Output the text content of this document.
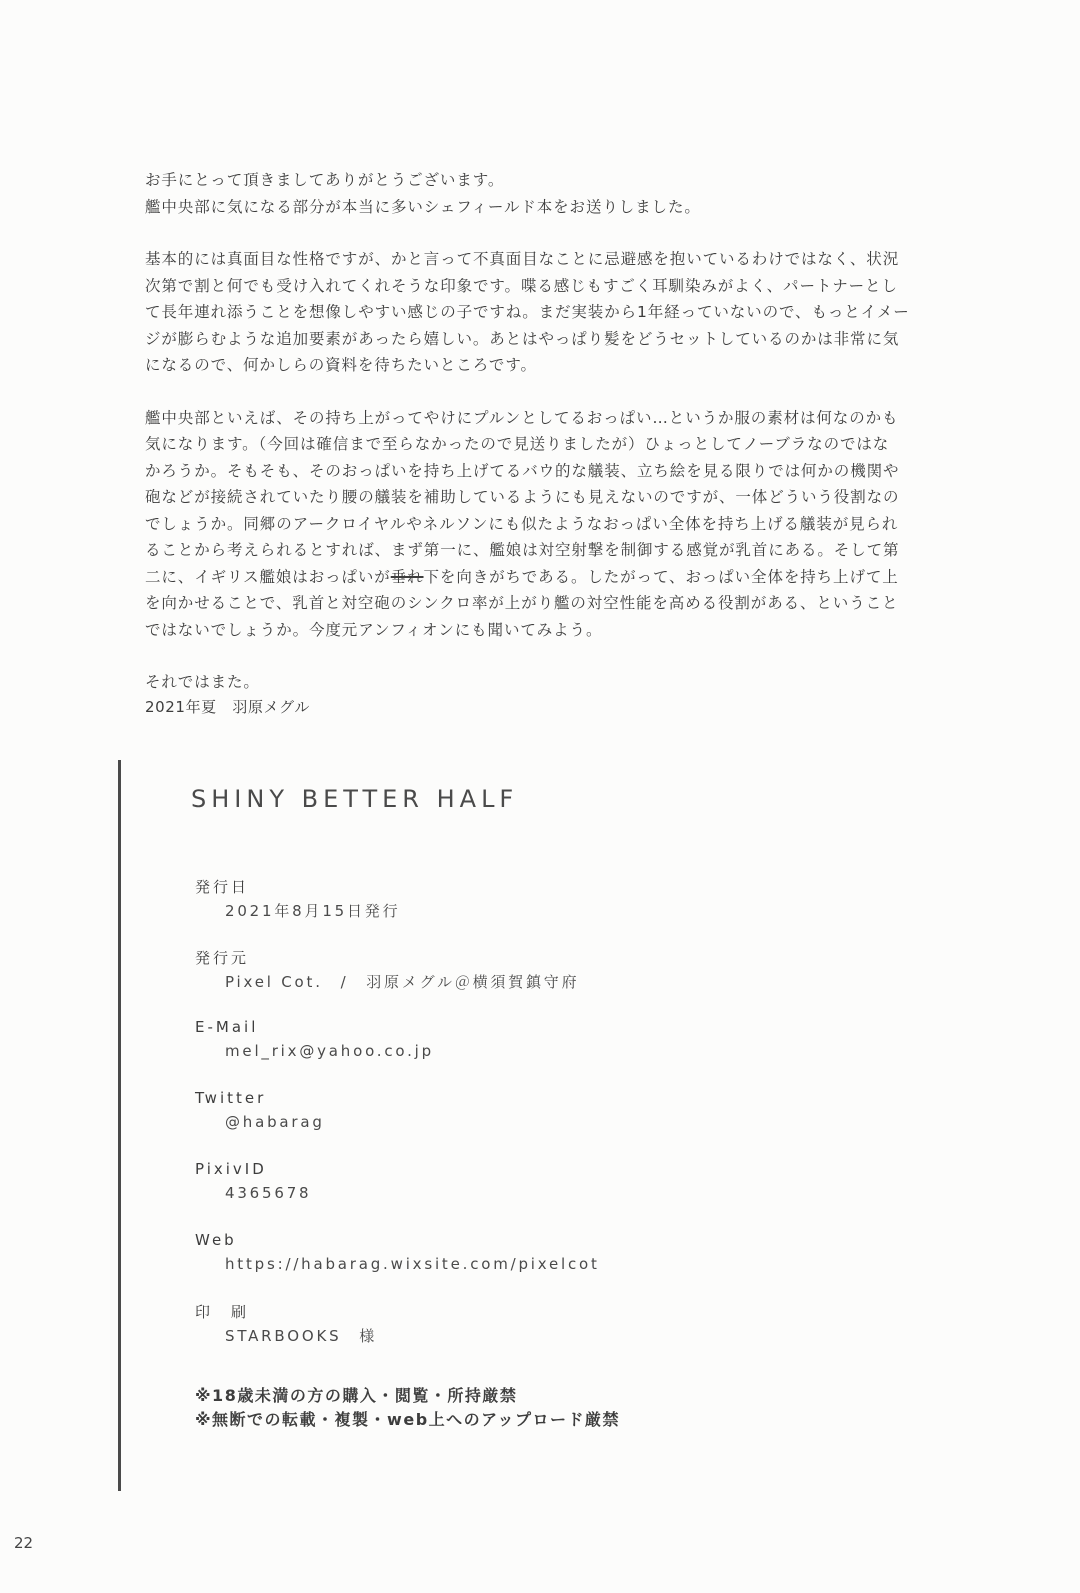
お手にとって頂きましてありがとうございます。
艦中央部に気になる部分が本当に多いシェフィールド本をお送りしました。
基本的には真面目な性格ですが、かと言って不真面目なことに忌避感を抱いているわけではなく、状況
次第で割と何でも受け入れてくれそうな印象です。喋る感じもすごく耳馴染みがよく、パートナーとし
て長年連れ添うことを想像しやすい感じの子ですね。まだ実装から1年経っていないので、もっとイメー
ジが膨らむような追加要素があったら嬉しい。あとはやっぱり髪をどうセットしているのかは非常に気
になるので、何かしらの資料を待ちたいところです。
艦中央部といえば、その持ち上がってやけにプルンとしてるおっぱい…というか服の素材は何なのかも
気になります。（今回は確信まで至らなかったので見送りましたが）ひょっとしてノーブラなのではな
かろうか。そもそも、そのおっぱいを持ち上げてるバウ的な艤装、立ち絵を見る限りでは何かの機関や
砲などが接続されていたり腰の艤装を補助しているようにも見えないのですが、一体どういう役割なの
でしょうか。同郷のアークロイヤルやネルソンにも似たようなおっぱい全体を持ち上げる艤装が見られ
ることから考えられるとすれば、まず第一に、艦娘は対空射撃を制御する感覚が乳首にある。そして第
二に、イギリス艦娘はおっぱいが垂れ下を向きがちである。したがって、おっぱい全体を持ち上げて上
を向かせることで、乳首と対空砲のシンクロ率が上がり艦の対空性能を高める役割がある、ということ
ではないでしょうか。今度元アンフィオンにも聞いてみよう。
それではまた。
2021年夏　羽原メグル
SHINY BETTER HALF
発行日
2021年8月15日発行
発行元
Pixel Cot.　/　羽原メグル＠横須賀鎮守府
E-Mail
mel_rix@yahoo.co.jp
Twitter
@habarag
PixivID
4365678
Web
https://habarag.wixsite.com/pixelcot
印　刷
STARBOOKS　様
※18歳未満の方の購入・閲覧・所持厳禁
※無断での転載・複製・web上へのアップロード厳禁
22
